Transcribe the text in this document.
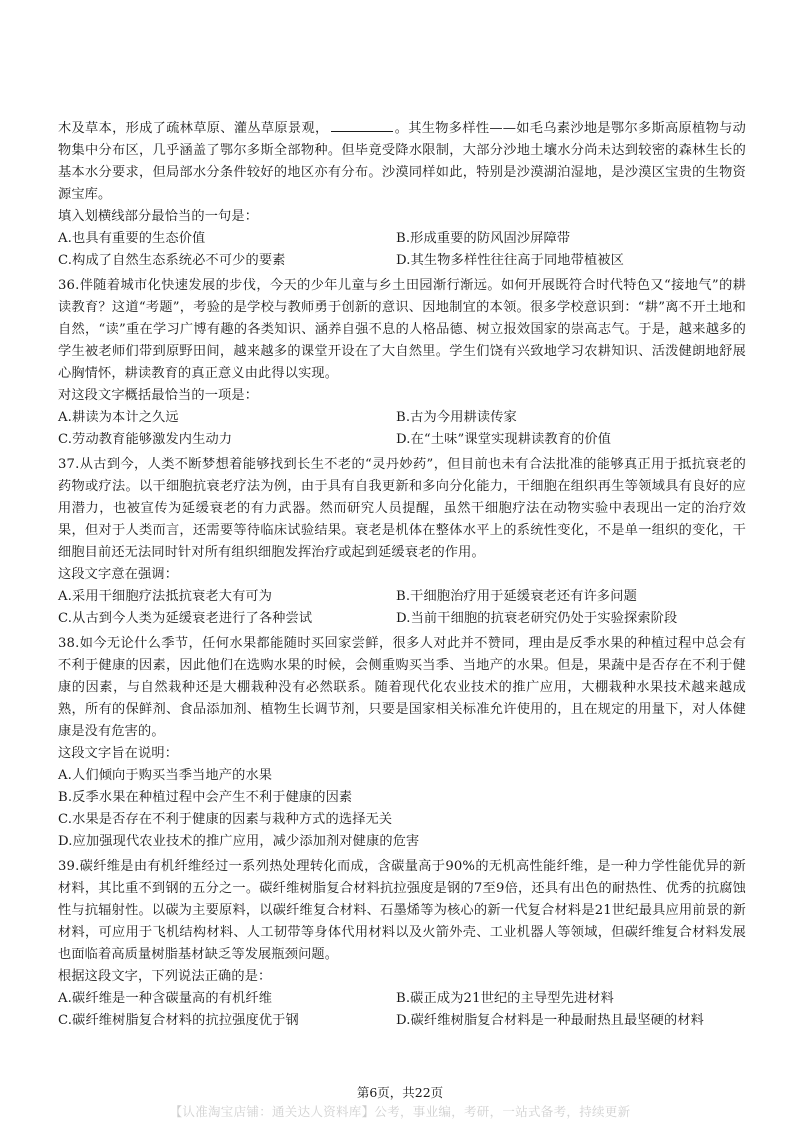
木及草本，形成了疏林草原、灌丛草原景观，	。其生物多样性——如毛乌素沙地是鄂尔多斯高原植物与动物集中分布区，几乎涵盖了鄂尔多斯全部物种。但毕竟受降水限制，大部分沙地土壤水分尚未达到较密的森林生长的基本水分要求，但局部水分条件较好的地区亦有分布。沙漠同样如此，特别是沙漠湖泊湿地，是沙漠区宝贵的生物资源宝库。

填入划横线部分最恰当的一句是：

A.也具有重要的生态价值	B.形成重要的防风固沙屏障带
C.构成了自然生态系统必不可少的要素	D.其生物多样性往往高于同地带植被区

36.伴随着城市化快速发展的步伐，今天的少年儿童与乡土田园渐行渐远。如何开展既符合时代特色又“接地气”的耕读教育？这道“考题”，考验的是学校与教师勇于创新的意识、因地制宜的本领。很多学校意识到：“耕”离不开土地和自然，“读”重在学习广博有趣的各类知识、涵养自强不息的人格品德、树立报效国家的崇高志气。于是，越来越多的学生被老师们带到原野田间，越来越多的课堂开设在了大自然里。学生们饶有兴致地学习农耕知识、活泼健朗地舒展心胸情怀，耕读教育的真正意义由此得以实现。

对这段文字概括最恰当的一项是：

A.耕读为本计之久远	B.古为今用耕读传家
C.劳动教育能够激发内生动力	D.在“土味”课堂实现耕读教育的价值

37.从古到今，人类不断梦想着能够找到长生不老的“灵丹妙药”，但目前也未有合法批准的能够真正用于抵抗衰老的药物或疗法。以干细胞抗衰老疗法为例，由于具有自我更新和多向分化能力，干细胞在组织再生等领域具有良好的应用潜力，也被宣传为延缓衰老的有力武器。然而研究人员提醒，虽然干细胞疗法在动物实验中表现出一定的治疗效果，但对于人类而言，还需要等待临床试验结果。衰老是机体在整体水平上的系统性变化，不是单一组织的变化，干细胞目前还无法同时针对所有组织细胞发挥治疗或起到延缓衰老的作用。

这段文字意在强调：

A.采用干细胞疗法抵抗衰老大有可为	B.干细胞治疗用于延缓衰老还有许多问题
C.从古到今人类为延缓衰老进行了各种尝试	D.当前干细胞的抗衰老研究仍处于实验探索阶段

38.如今无论什么季节，任何水果都能随时买回家尝鲜，很多人对此并不赞同，理由是反季水果的种植过程中总会有不利于健康的因素，因此他们在选购水果的时候，会侧重购买当季、当地产的水果。但是，果蔬中是否存在不利于健康的因素，与自然栽种还是大棚栽种没有必然联系。随着现代化农业技术的推广应用，大棚栽种水果技术越来越成熟，所有的保鲜剂、食品添加剂、植物生长调节剂，只要是国家相关标准允许使用的，且在规定的用量下，对人体健康是没有危害的。

这段文字旨在说明：

A.人们倾向于购买当季当地产的水果
B.反季水果在种植过程中会产生不利于健康的因素
C.水果是否存在不利于健康的因素与栽种方式的选择无关
D.应加强现代农业技术的推广应用，减少添加剂对健康的危害

39.碳纤维是由有机纤维经过一系列热处理转化而成，含碳量高于90%的无机高性能纤维，是一种力学性能优异的新材料，其比重不到钢的五分之一。碳纤维树脂复合材料抗拉强度是钢的7至9倍，还具有出色的耐热性、优秀的抗腐蚀性与抗辐射性。以碳为主要原料，以碳纤维复合材料、石墨烯等为核心的新一代复合材料是21世纪最具应用前景的新材料，可应用于飞机结构材料、人工韧带等身体代用材料以及火箭外壳、工业机器人等领域，但碳纤维复合材料发展也面临着高质量树脂基材缺乏等发展瓶颈问题。

根据这段文字，下列说法正确的是：

A.碳纤维是一种含碳量高的有机纤维	B.碳正成为21世纪的主导型先进材料
C.碳纤维树脂复合材料的抗拉强度优于钢	D.碳纤维树脂复合材料是一种最耐热且最坚硬的材料
第6页，共22页
【认准淘宝店铺：通关达人资料库】公考，事业编，考研，一站式备考，持续更新
